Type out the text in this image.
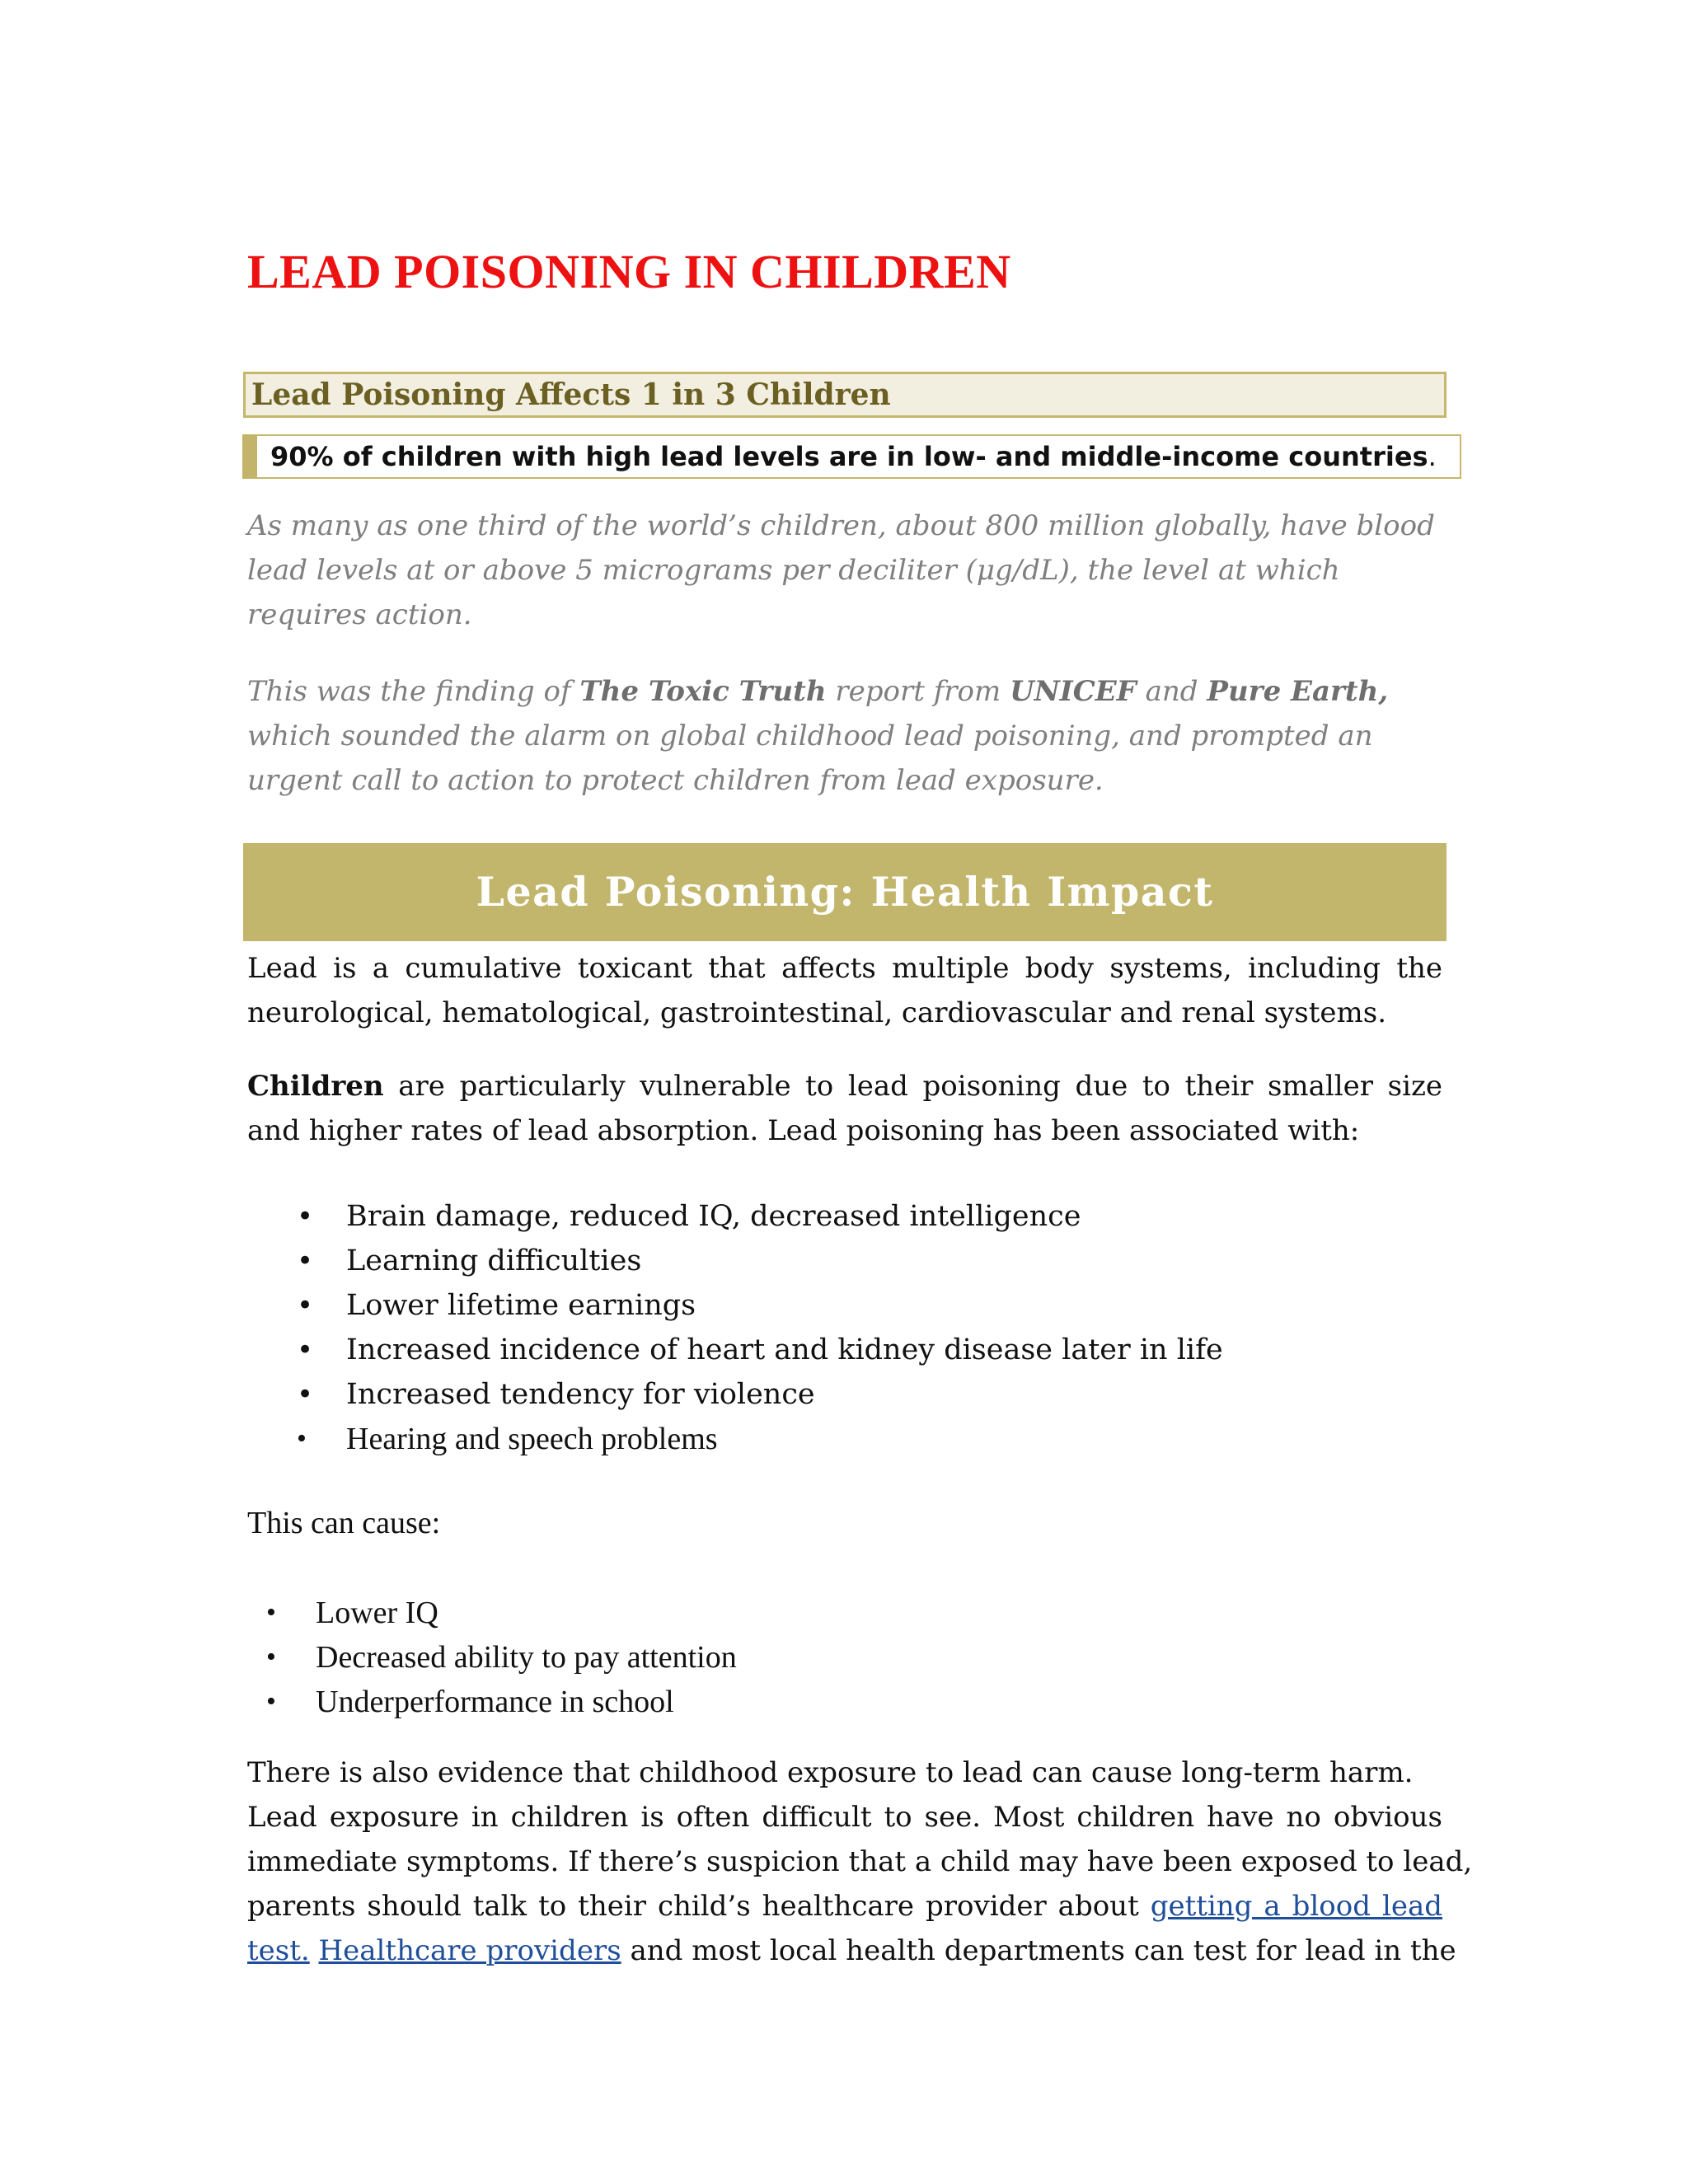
LEAD POISONING IN CHILDREN
Lead Poisoning Affects 1 in 3 Children
90% of children with high lead levels are in low- and middle-income countries.

As many as one third of the world’s children, about 800 million globally, have blood lead levels at or above 5 micrograms per deciliter (μg/dL), the level at which requires action.

This was the finding of The Toxic Truth report from UNICEF and Pure Earth, which sounded the alarm on global childhood lead poisoning, and prompted an urgent call to action to protect children from lead exposure.

Lead Poisoning: Health Impact

Lead is a cumulative toxicant that affects multiple body systems, including the neurological, hematological, gastrointestinal, cardiovascular and renal systems.

Children are particularly vulnerable to lead poisoning due to their smaller size and higher rates of lead absorption. Lead poisoning has been associated with:

• Brain damage, reduced IQ, decreased intelligence
• Learning difficulties
• Lower lifetime earnings
• Increased incidence of heart and kidney disease later in life
• Increased tendency for violence
• Hearing and speech problems

This can cause:

• Lower IQ
• Decreased ability to pay attention
• Underperformance in school
There is also evidence that childhood exposure to lead can cause long-term harm.
Lead exposure in children is often difficult to see. Most children have no obvious
immediate symptoms. If there’s suspicion that a child may have been exposed to lead,
parents should talk to their child’s healthcare provider about getting a blood lead
test. Healthcare providers and most local health departments can test for lead in the
